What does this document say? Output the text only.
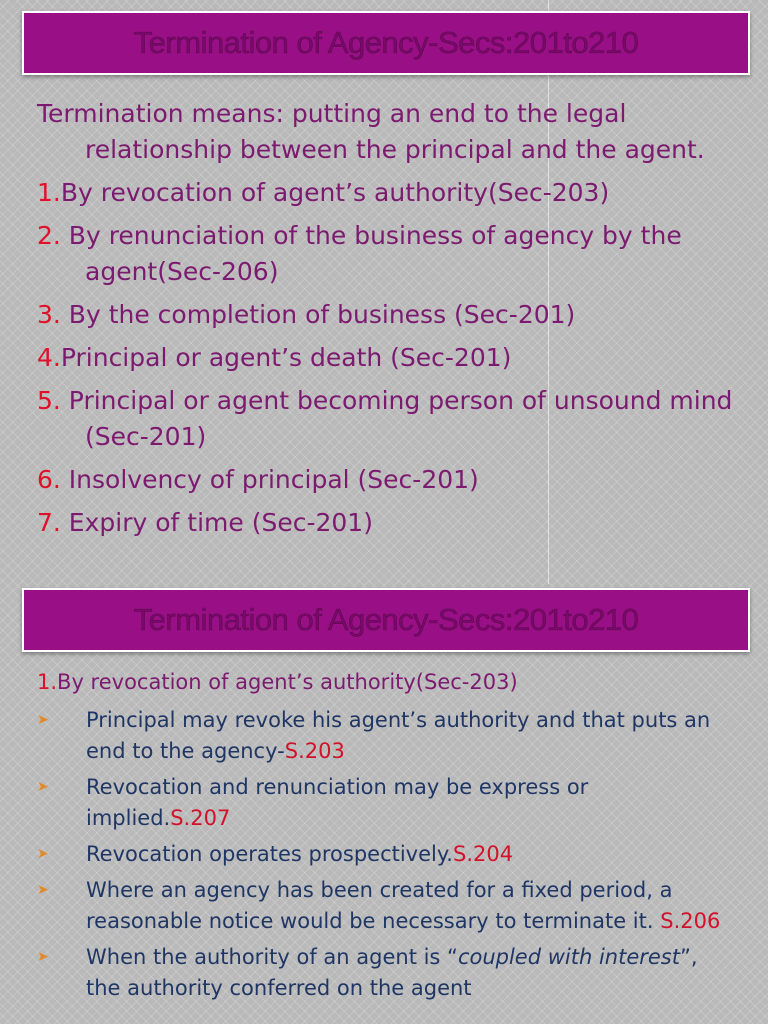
Termination of Agency-Secs:201to210
Termination means: putting an end to the legal relationship between the principal and the agent.
1.By revocation of agent’s authority(Sec-203)
2. By renunciation of the business of agency by the agent(Sec-206)
3. By the completion of business (Sec-201)
4.Principal or agent’s death (Sec-201)
5. Principal or agent becoming person of unsound mind (Sec-201)
6. Insolvency of principal (Sec-201)
7. Expiry of time (Sec-201)
Termination of Agency-Secs:201to210
1.By revocation of agent’s authority(Sec-203)
➤ Principal may revoke his agent’s authority and that puts an end to the agency-S.203
➤ Revocation and renunciation may be express or implied.S.207
➤ Revocation operates prospectively.S.204
➤ Where an agency has been created for a fixed period, a reasonable notice would be necessary to terminate it. S.206
➤ When the authority of an agent is “coupled with interest”, the authority conferred on the agent
